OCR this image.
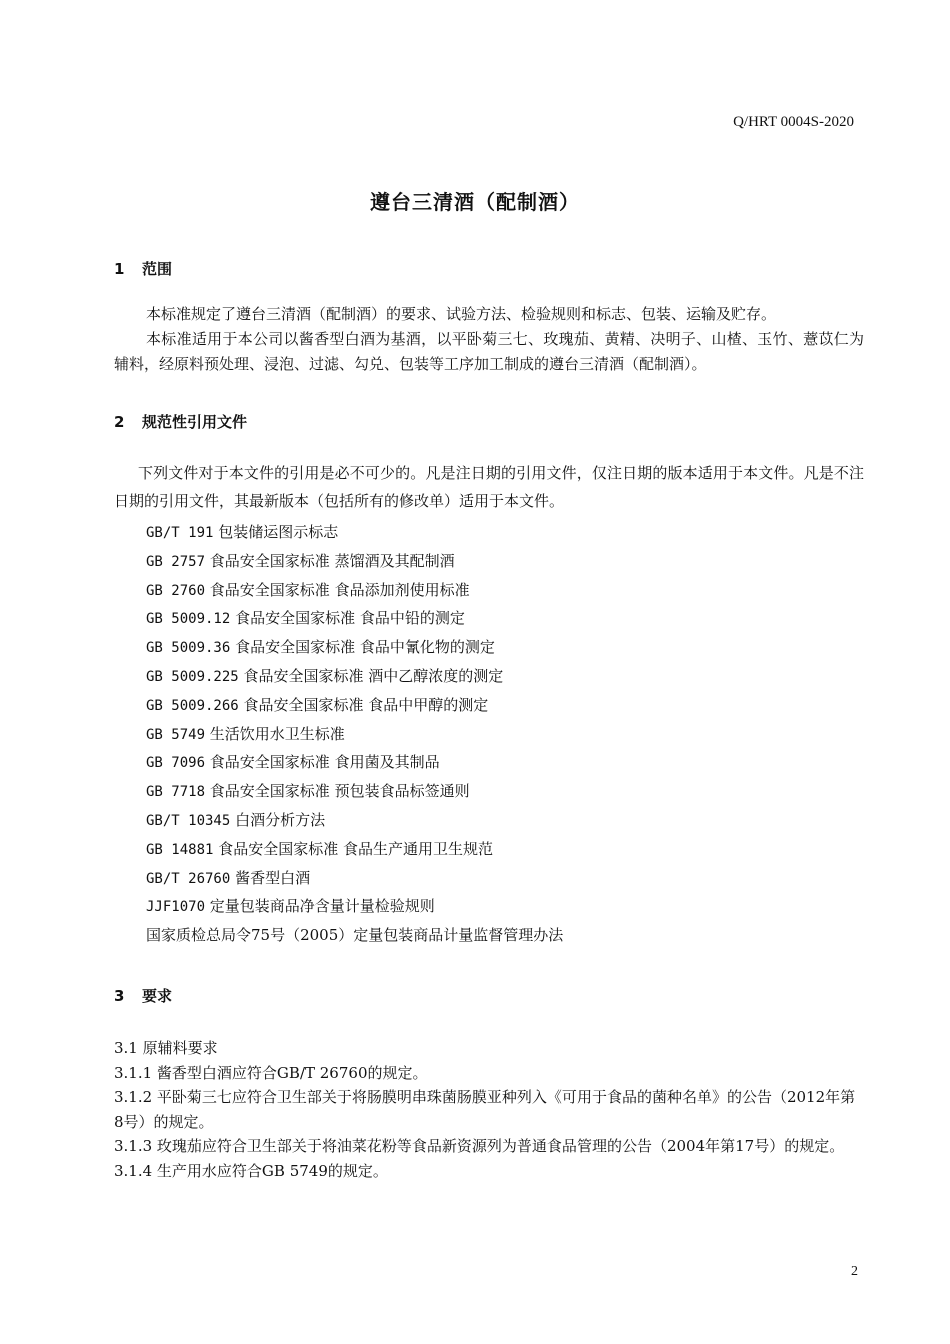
Q/HRT 0004S-2020
遵台三清酒（配制酒）
1 范围
本标准规定了遵台三清酒（配制酒）的要求、试验方法、检验规则和标志、包装、运输及贮存。
本标准适用于本公司以酱香型白酒为基酒，以平卧菊三七、玫瑰茄、黄精、决明子、山楂、玉竹、薏苡仁为辅料，经原料预处理、浸泡、过滤、勾兑、包装等工序加工制成的遵台三清酒（配制酒）。
2 规范性引用文件
下列文件对于本文件的引用是必不可少的。凡是注日期的引用文件，仅注日期的版本适用于本文件。凡是不注日期的引用文件，其最新版本（包括所有的修改单）适用于本文件。
GB/T 191 包装储运图示标志
GB 2757 食品安全国家标准 蒸馏酒及其配制酒
GB 2760 食品安全国家标准 食品添加剂使用标准
GB 5009.12 食品安全国家标准 食品中铅的测定
GB 5009.36 食品安全国家标准 食品中氰化物的测定
GB 5009.225 食品安全国家标准 酒中乙醇浓度的测定
GB 5009.266 食品安全国家标准 食品中甲醇的测定
GB 5749 生活饮用水卫生标准
GB 7096 食品安全国家标准 食用菌及其制品
GB 7718 食品安全国家标准 预包装食品标签通则
GB/T 10345 白酒分析方法
GB 14881 食品安全国家标准 食品生产通用卫生规范
GB/T 26760 酱香型白酒
JJF1070 定量包装商品净含量计量检验规则
国家质检总局令75号（2005）定量包装商品计量监督管理办法
3 要求
3.1 原辅料要求
3.1.1 酱香型白酒应符合GB/T 26760的规定。
3.1.2 平卧菊三七应符合卫生部关于将肠膜明串珠菌肠膜亚种列入《可用于食品的菌种名单》的公告（2012年第8号）的规定。
3.1.3 玫瑰茄应符合卫生部关于将油菜花粉等食品新资源列为普通食品管理的公告（2004年第17号）的规定。
3.1.4 生产用水应符合GB 5749的规定。
2
